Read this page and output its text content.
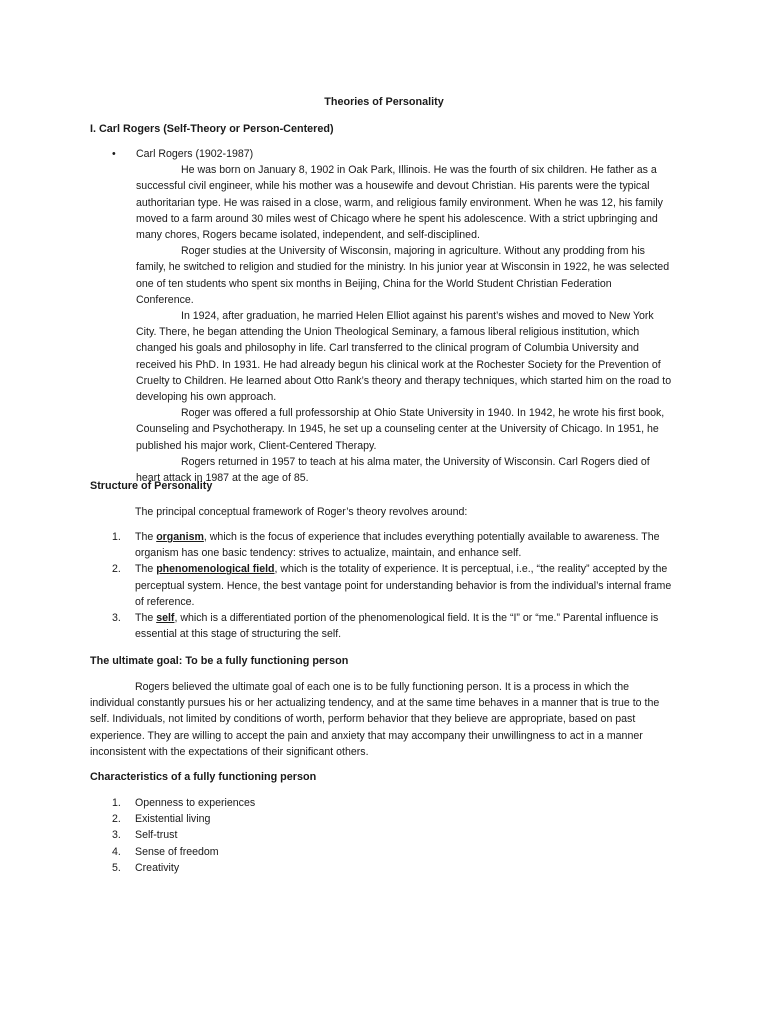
Theories of Personality
I. Carl Rogers (Self-Theory or Person-Centered)
•	Carl Rogers (1902-1987)

He was born on January 8, 1902 in Oak Park, Illinois. He was the fourth of six children. He father as a successful civil engineer, while his mother was a housewife and devout Christian. His parents were the typical authoritarian type. He was raised in a close, warm, and religious family environment. When he was 12, his family moved to a farm around 30 miles west of Chicago where he spent his adolescence. With a strict upbringing and many chores, Rogers became isolated, independent, and self-disciplined.

Roger studies at the University of Wisconsin, majoring in agriculture. Without any prodding from his family, he switched to religion and studied for the ministry. In his junior year at Wisconsin in 1922, he was selected one of ten students who spent six months in Beijing, China for the World Student Christian Federation Conference.

In 1924, after graduation, he married Helen Elliot against his parent’s wishes and moved to New York City. There, he began attending the Union Theological Seminary, a famous liberal religious institution, which changed his goals and philosophy in life. Carl transferred to the clinical program of Columbia University and received his PhD. In 1931. He had already begun his clinical work at the Rochester Society for the Prevention of Cruelty to Children. He learned about Otto Rank’s theory and therapy techniques, which started him on the road to developing his own approach.

Roger was offered a full professorship at Ohio State University in 1940. In 1942, he wrote his first book, Counseling and Psychotherapy. In 1945, he set up a counseling center at the University of Chicago. In 1951, he published his major work, Client-Centered Therapy.

Rogers returned in 1957 to teach at his alma mater, the University of Wisconsin. Carl Rogers died of heart attack in 1987 at the age of 85.

Structure of Personality
The principal conceptual framework of Roger’s theory revolves around:
1.	The organism, which is the focus of experience that includes everything potentially available to awareness. The organism has one basic tendency: strives to actualize, maintain, and enhance self.
2.	The phenomenological field, which is the totality of experience. It is perceptual, i.e., “the reality” accepted by the perceptual system. Hence, the best vantage point for understanding behavior is from the individual’s internal frame of reference.
3.	The self, which is a differentiated portion of the phenomenological field. It is the “I” or “me.” Parental influence is essential at this stage of structuring the self.
The ultimate goal: To be a fully functioning person

Rogers believed the ultimate goal of each one is to be fully functioning person. It is a process in which the individual constantly pursues his or her actualizing tendency, and at the same time behaves in a manner that is true to the self. Individuals, not limited by conditions of worth, perform behavior that they believe are appropriate, based on past experience. They are willing to accept the pain and anxiety that may accompany their unwillingness to act in a manner inconsistent with the expectations of their significant others.

Characteristics of a fully functioning person
1.	Openness to experiences
2.	Existential living
3.	Self-trust
4.	Sense of freedom
5.	Creativity
